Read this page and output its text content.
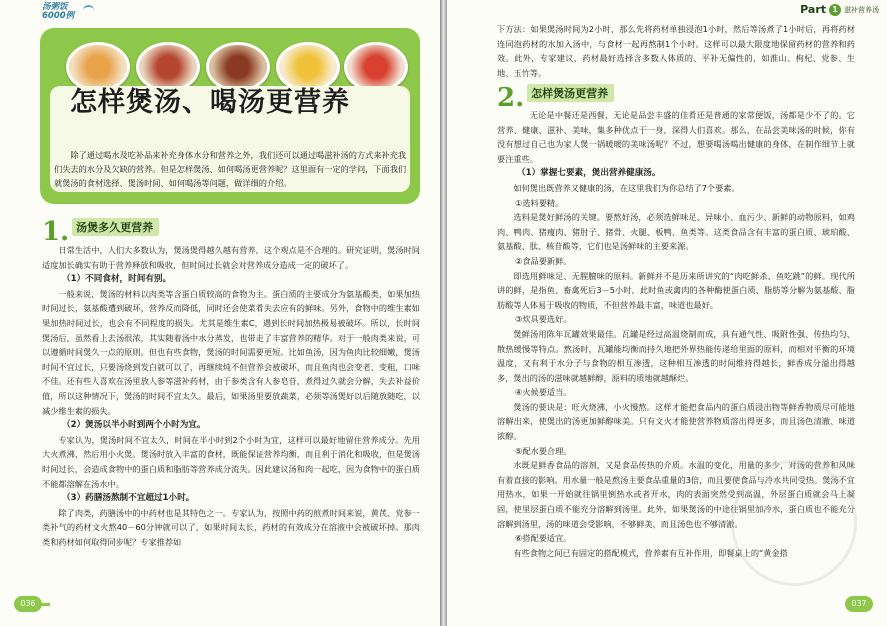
汤粥饭
6000例
怎样煲汤、喝汤更营养
除了通过喝水及吃补品来补充身体水分和营养之外，我们还可以通过喝滋补汤的方式来补充我们失去的水分及欠缺的营养。但是怎样煲汤、如何喝汤更营养呢？这里面有一定的学问，下面我们就煲汤的食材选择、煲汤时间、如何喝汤等问题，做详细的介绍。
1. 汤煲多久更营养

日常生活中，人们大多数认为，煲汤煲得越久越有营养，这个观点是不合理的。研究证明，煲汤时间适度加长确实有助于营养释放和吸收，但时间过长就会对营养成分造成一定的破坏了。

（1）不同食材，时间有别。

一般来说，煲汤的材料以肉类等含蛋白质较高的食物为主。蛋白质的主要成分为氨基酸类，如果加热时间过长，氨基酸遭到破坏，营养反而降低，同时还会使菜肴失去应有的鲜味。另外，食物中的维生素如果加热时间过长，也会有不同程度的损失。尤其是维生素C，遇到长时间加热极易被破坏。所以，长时间煲汤后，虽然看上去汤很浓，其实随着汤中水分蒸发，也带走了丰富营养的精华。对于一般肉类来说，可以遵循时间煲久一点的原则。但也有些食物，煲汤的时间需要更短。比如鱼汤，因为鱼肉比较细嫩，煲汤时间不宜过长，只要汤烧到发白就可以了，再继续炖不但营养会被破坏，而且鱼肉也会变老、变粗，口味不佳。还有些人喜欢在汤里放人参等滋补药材，由于参类含有人参皂苷，煮得过久就会分解，失去补益价值，所以这种情况下，煲汤的时间不宜太久。最后，如果汤里要放蔬菜，必须等汤煲好以后随放随吃，以减少维生素的损失。

（2）煲汤以半小时到两个小时为宜。

专家认为，煲汤时间不宜太久，时间在半小时到2个小时为宜，这样可以最好地留住营养成分。先用大火煮沸，然后用小火煲。煲汤时放入丰富的食材，既能保证营养均衡，而且利于消化和吸收，但是煲汤时间过长，会造成食物中的蛋白质和脂肪等营养成分流失。因此建议汤和肉一起吃，因为食物中的蛋白质不能都溶解在汤水中。

（3）药膳汤熬制不宜超过1小时。

除了肉类，药膳汤中的中药材也是其特色之一。专家认为，按照中药的煎煮时间来说，黄芪、党参一类补气的药材文火熬40－60分钟就可以了，如果时间太长，药材的有效成分在溶液中会被破坏掉。那肉类和药材如何取得同步呢？专家推荐如

036
Part 1 滋补营养汤

下方法：如果煲汤时间为2小时，那么先将药材单独浸泡1小时，然后等汤煮了1小时后，再将药材连同泡药材的水加入汤中，与食材一起再熬制1个小时。这样可以最大限度地保留药材的营养和药效。此外，专家建议，药材最好选择含多数人体质的、平补无偏性的，如淮山、枸杞、党参、生地、玉竹等。

2. 怎样煲汤更营养

无论是中餐还是西餐，无论是品尝丰盛的佳肴还是普通的家常便饭，汤都是少不了的。它营养、健康、滋补、美味，集多种优点于一身，深得人们喜欢。那么，在品尝美味汤的时候，你有没有想过自己也为家人煲一锅暖暖的美味汤呢？不过，想要喝汤喝出健康的身体，在制作细节上就要注重些。

（1）掌握七要素，煲出营养健康汤。

如何煲出既营养又健康的汤，在这里我们为你总结了7个要素。

①选料要精。

选料是煲好鲜汤的关键。要熬好汤，必须选鲜味足、异味小、血污少、新鲜的动物原料，如鸡肉、鸭肉、猪瘦肉、猪肘子、猪骨、火腿、板鸭、鱼类等。这类食品含有丰富的蛋白质、琥珀酸、氨基酸、肽、核苷酸等，它们也是汤鲜味的主要来源。

②食品要新鲜。

即选用鲜味足、无腥膻味的原料。新鲜并不是历来所讲究的“肉吃鲜杀、鱼吃跳”的鲜。现代所讲的鲜，是指鱼、畜禽死后3－5小时，此时鱼或禽肉的各种酶使蛋白质、脂肪等分解为氨基酸、脂肪酸等人体易于吸收的物质，不但营养最丰富，味道也最好。

③炊具要选好。

煲鲜汤用陈年瓦罐效果最佳。瓦罐是经过高温烧制而成，具有通气性、吸附性强、传热均匀、散热缓慢等特点。熬汤时，瓦罐能均衡而持久地把外界热能传递给里面的原料，而相对平衡的环境温度，又有利于水分子与食物的相互渗透，这种相互渗透的时间维持得越长，鲜香成分溢出得越多，煲出的汤的滋味就越鲜醇，原料的质地就越酥烂。

④火候要适当。

煲汤的要诀是：旺火烧沸，小火慢熬。这样才能把食品内的蛋白质浸出物等鲜香物质尽可能地溶解出来，使煲出的汤更加鲜醇味美。只有文火才能使营养物质溶出得更多，而且汤色清澈、味道浓醇。

⑤配水要合理。

水既是鲜香食品的溶剂，又是食品传热的介质。水温的变化，用量的多少，对汤的营养和风味有着直接的影响。用水量一般是熬汤主要食品重量的3倍，而且要使食品与冷水共同受热。煲汤不宜用热水，如果一开始就往锅里倒热水或者开水，肉的表面突然受到高温，外层蛋白质就会马上凝固，使里层蛋白质不能充分溶解到汤里。此外，如果煲汤的中途往锅里加冷水，蛋白质也不能充分溶解到汤里，汤的味道会受影响，不够鲜美，而且汤色也不够清澈。

⑥搭配要适宜。

有些食物之间已有固定的搭配模式，营养素有互补作用，即餐桌上的“黄金搭

037
